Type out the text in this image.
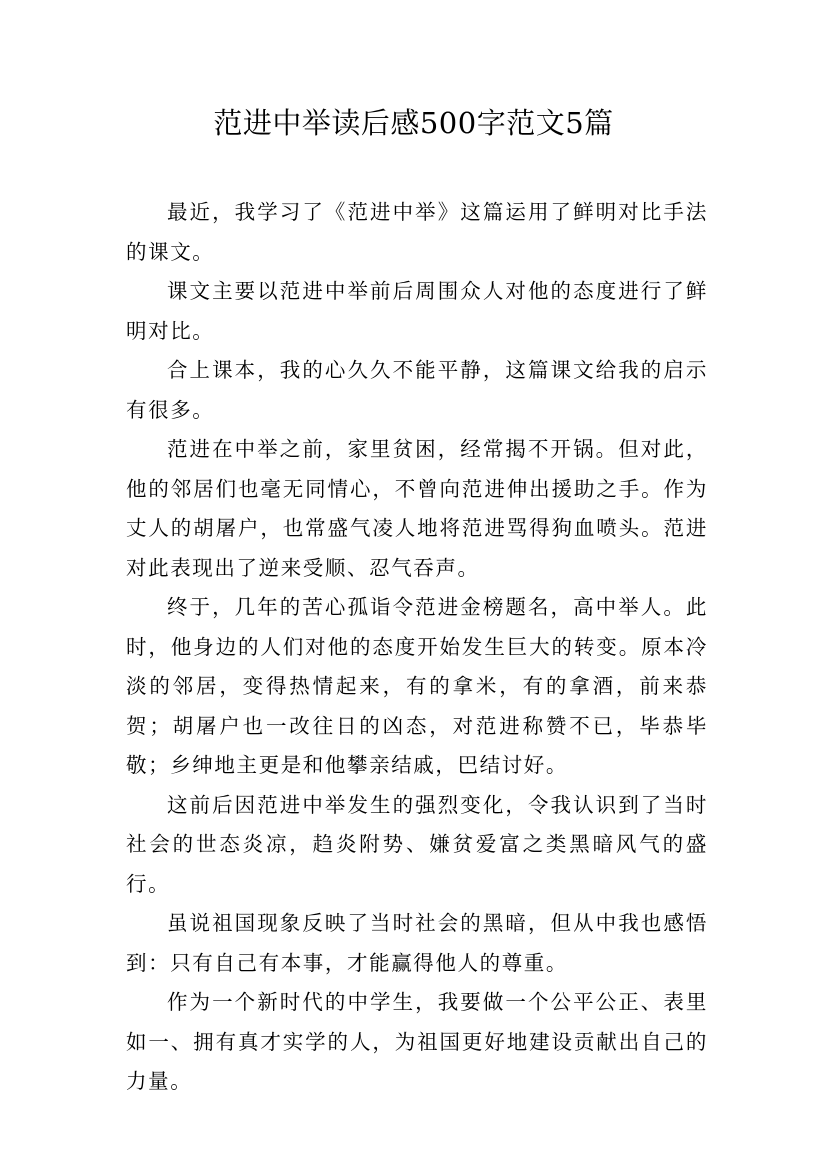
范进中举读后感500字范文5篇

最近，我学习了《范进中举》这篇运用了鲜明对比手法的课文。

课文主要以范进中举前后周围众人对他的态度进行了鲜明对比。

合上课本，我的心久久不能平静，这篇课文给我的启示有很多。

范进在中举之前，家里贫困，经常揭不开锅。但对此，他的邻居们也毫无同情心，不曾向范进伸出援助之手。作为丈人的胡屠户，也常盛气凌人地将范进骂得狗血喷头。范进对此表现出了逆来受顺、忍气吞声。

终于，几年的苦心孤诣令范进金榜题名，高中举人。此时，他身边的人们对他的态度开始发生巨大的转变。原本冷淡的邻居，变得热情起来，有的拿米，有的拿酒，前来恭贺；胡屠户也一改往日的凶态，对范进称赞不已，毕恭毕敬；乡绅地主更是和他攀亲结戚，巴结讨好。

这前后因范进中举发生的强烈变化，令我认识到了当时社会的世态炎凉，趋炎附势、嫌贫爱富之类黑暗风气的盛行。

虽说祖国现象反映了当时社会的黑暗，但从中我也感悟到：只有自己有本事，才能赢得他人的尊重。

作为一个新时代的中学生，我要做一个公平公正、表里如一、拥有真才实学的人，为祖国更好地建设贡献出自己的力量。
